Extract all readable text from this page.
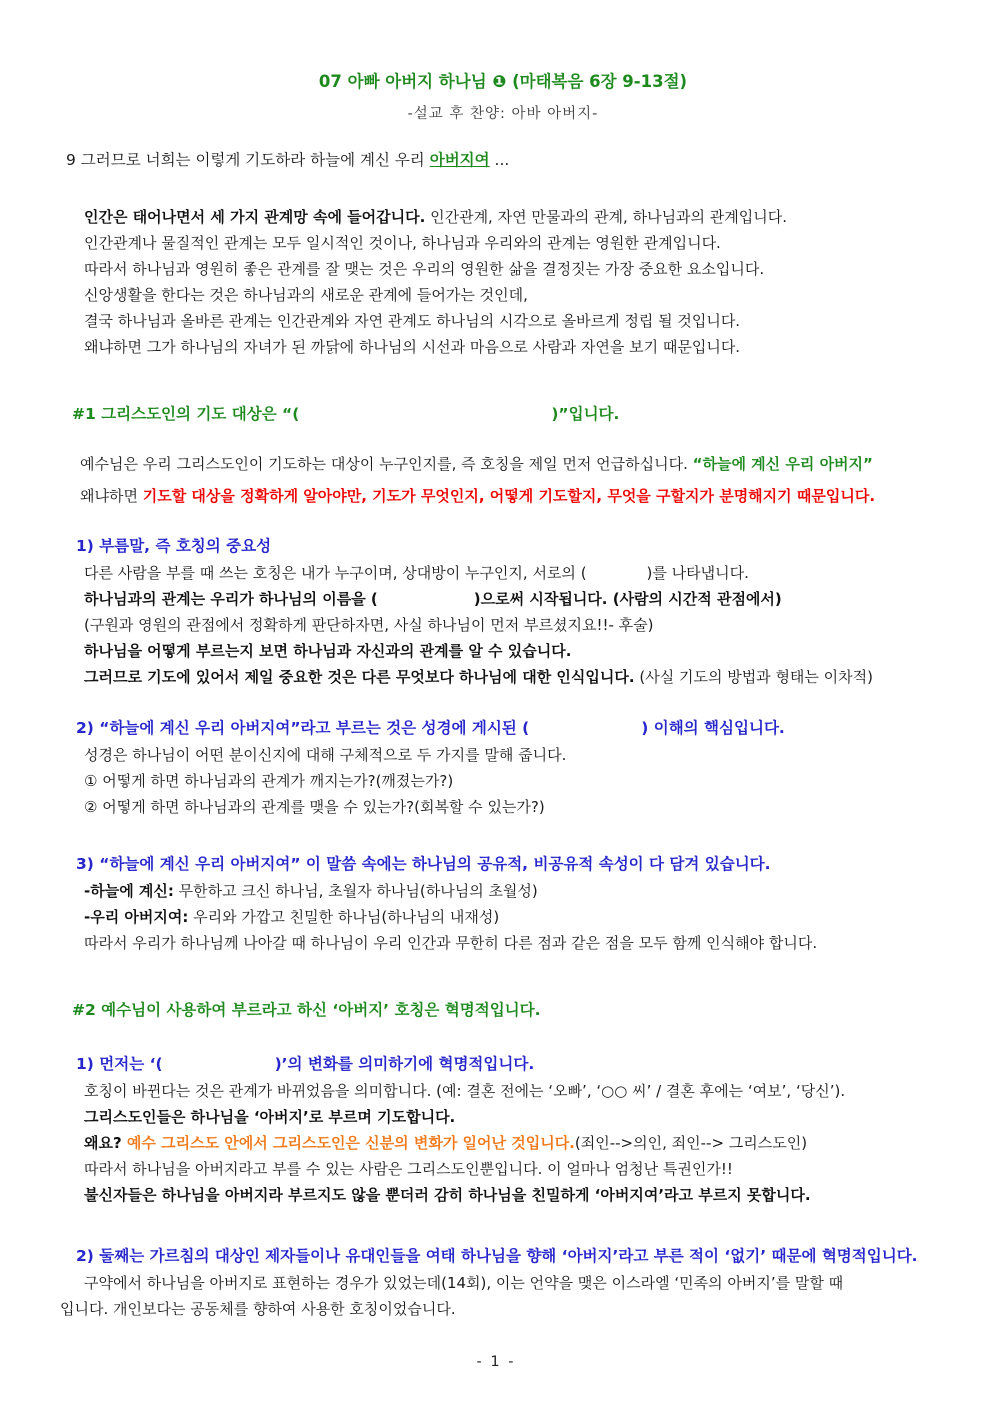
07 아빠 아버지 하나님 ❶ (마태복음 6장 9-13절)
-설교 후 찬양: 아바 아버지-
9 그러므로 너희는 이렇게 기도하라 하늘에 계신 우리 아버지여 ...
인간은 태어나면서 세 가지 관계망 속에 들어갑니다. 인간관계, 자연 만물과의 관계, 하나님과의 관계입니다.
인간관계나 물질적인 관계는 모두 일시적인 것이나, 하나님과 우리와의 관계는 영원한 관계입니다.
따라서 하나님과 영원히 좋은 관계를 잘 맺는 것은 우리의 영원한 삶을 결정짓는 가장 중요한 요소입니다.
신앙생활을 한다는 것은 하나님과의 새로운 관계에 들어가는 것인데,
결국 하나님과 올바른 관계는 인간관계와 자연 관계도 하나님의 시각으로 올바르게 정립 될 것입니다.
왜냐하면 그가 하나님의 자녀가 된 까닭에 하나님의 시선과 마음으로 사람과 자연을 보기 때문입니다.
#1 그리스도인의 기도 대상은 “(	)”입니다.
예수님은 우리 그리스도인이 기도하는 대상이 누구인지를, 즉 호칭을 제일 먼저 언급하십니다. “하늘에 계신 우리 아버지”
왜냐하면 기도할 대상을 정확하게 알아야만, 기도가 무엇인지, 어떻게 기도할지, 무엇을 구할지가 분명해지기 때문입니다.
1) 부름말, 즉 호칭의 중요성
다른 사람을 부를 때 쓰는 호칭은 내가 누구이며, 상대방이 누구인지, 서로의 (	)를 나타냅니다.
하나님과의 관계는 우리가 하나님의 이름을 (	)으로써 시작됩니다. (사람의 시간적 관점에서)
(구원과 영원의 관점에서 정확하게 판단하자면, 사실 하나님이 먼저 부르셨지요!!- 후술)
하나님을 어떻게 부르는지 보면 하나님과 자신과의 관계를 알 수 있습니다.
그러므로 기도에 있어서 제일 중요한 것은 다른 무엇보다 하나님에 대한 인식입니다. (사실 기도의 방법과 형태는 이차적)
2) “하늘에 계신 우리 아버지여”라고 부르는 것은 성경에 게시된 (	) 이해의 핵심입니다.
성경은 하나님이 어떤 분이신지에 대해 구체적으로 두 가지를 말해 줍니다.
① 어떻게 하면 하나님과의 관계가 깨지는가?(깨졌는가?)
② 어떻게 하면 하나님과의 관계를 맺을 수 있는가?(회복할 수 있는가?)
3) “하늘에 계신 우리 아버지여” 이 말씀 속에는 하나님의 공유적, 비공유적 속성이 다 담겨 있습니다.
-하늘에 계신: 무한하고 크신 하나님, 초월자 하나님(하나님의 초월성)
-우리 아버지여: 우리와 가깝고 친밀한 하나님(하나님의 내재성)
따라서 우리가 하나님께 나아갈 때 하나님이 우리 인간과 무한히 다른 점과 같은 점을 모두 함께 인식해야 합니다.
#2 예수님이 사용하여 부르라고 하신 ‘아버지’ 호칭은 혁명적입니다.
1) 먼저는 ‘(	)’의 변화를 의미하기에 혁명적입니다.
호칭이 바뀐다는 것은 관계가 바뀌었음을 의미합니다. (예: 결혼 전에는 ‘오빠’, ‘○○ 씨’ / 결혼 후에는 ‘여보’, ‘당신’).
그리스도인들은 하나님을 ‘아버지’로 부르며 기도합니다.
왜요? 예수 그리스도 안에서 그리스도인은 신분의 변화가 일어난 것입니다.(죄인-->의인, 죄인--> 그리스도인)
따라서 하나님을 아버지라고 부를 수 있는 사람은 그리스도인뿐입니다. 이 얼마나 엄청난 특권인가!!
불신자들은 하나님을 아버지라 부르지도 않을 뿐더러 감히 하나님을 친밀하게 ‘아버지여’라고 부르지 못합니다.
2) 둘째는 가르침의 대상인 제자들이나 유대인들을 여태 하나님을 향해 ‘아버지’라고 부른 적이 ‘없기’ 때문에 혁명적입니다.
구약에서 하나님을 아버지로 표현하는 경우가 있었는데(14회), 이는 언약을 맺은 이스라엘 ‘민족의 아버지’를 말할 때
입니다. 개인보다는 공동체를 향하여 사용한 호칭이었습니다.
- 1 -
